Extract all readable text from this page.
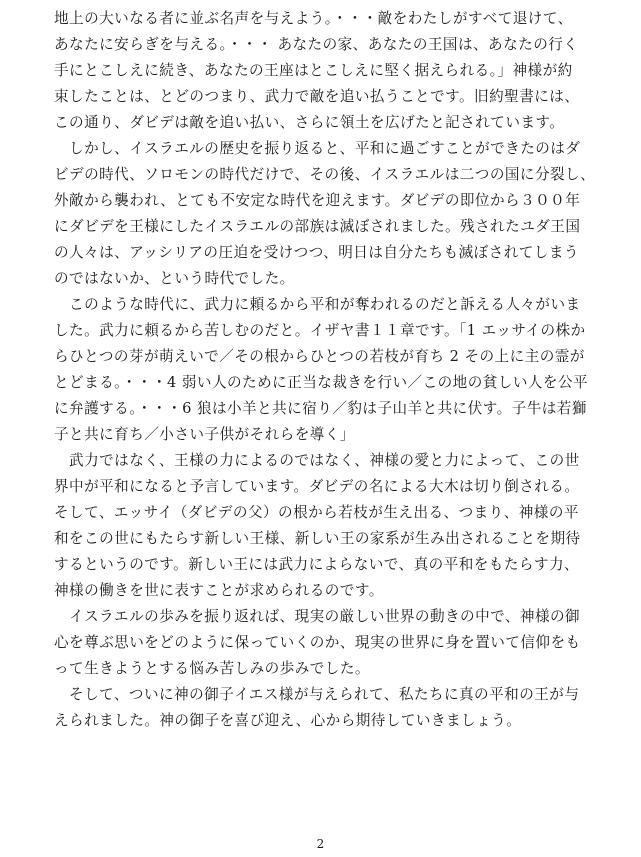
地上の大いなる者に並ぶ名声を与えよう。・・・敵をわたしがすべて退けて、
あなたに安らぎを与える。・・・ あなたの家、あなたの王国は、あなたの行く
手にとこしえに続き、あなたの王座はとこしえに堅く据えられる。」神様が約
束したことは、とどのつまり、武力で敵を追い払うことです。旧約聖書には、
この通り、ダビデは敵を追い払い、さらに領土を広げたと記されています。
　しかし、イスラエルの歴史を振り返ると、平和に過ごすことができたのはダ
ビデの時代、ソロモンの時代だけで、その後、イスラエルは二つの国に分裂し、
外敵から襲われ、とても不安定な時代を迎えます。ダビデの即位から３００年
にダビデを王様にしたイスラエルの部族は滅ぼされました。残されたユダ王国
の人々は、アッシリアの圧迫を受けつつ、明日は自分たちも滅ぼされてしまう
のではないか、という時代でした。
　このような時代に、武力に頼るから平和が奪われるのだと訴える人々がいま
した。武力に頼るから苦しむのだと。イザヤ書１１章です。「1 エッサイの株か
らひとつの芽が萌えいで／その根からひとつの若枝が育ち 2 その上に主の霊が
とどまる。・・・4 弱い人のために正当な裁きを行い／この地の貧しい人を公平
に弁護する。・・・6 狼は小羊と共に宿り／豹は子山羊と共に伏す。子牛は若獅
子と共に育ち／小さい子供がそれらを導く」
　武力ではなく、王様の力によるのではなく、神様の愛と力によって、この世
界中が平和になると予言しています。ダビデの名による大木は切り倒される。
そして、エッサイ（ダビデの父）の根から若枝が生え出る、つまり、神様の平
和をこの世にもたらす新しい王様、新しい王の家系が生み出されることを期待
するというのです。新しい王には武力によらないで、真の平和をもたらす力、
神様の働きを世に表すことが求められるのです。
　イスラエルの歩みを振り返れば、現実の厳しい世界の動きの中で、神様の御
心を尊ぶ思いをどのように保っていくのか、現実の世界に身を置いて信仰をも
って生きようとする悩み苦しみの歩みでした。
　そして、ついに神の御子イエス様が与えられて、私たちに真の平和の王が与
えられました。神の御子を喜び迎え、心から期待していきましょう。
2
